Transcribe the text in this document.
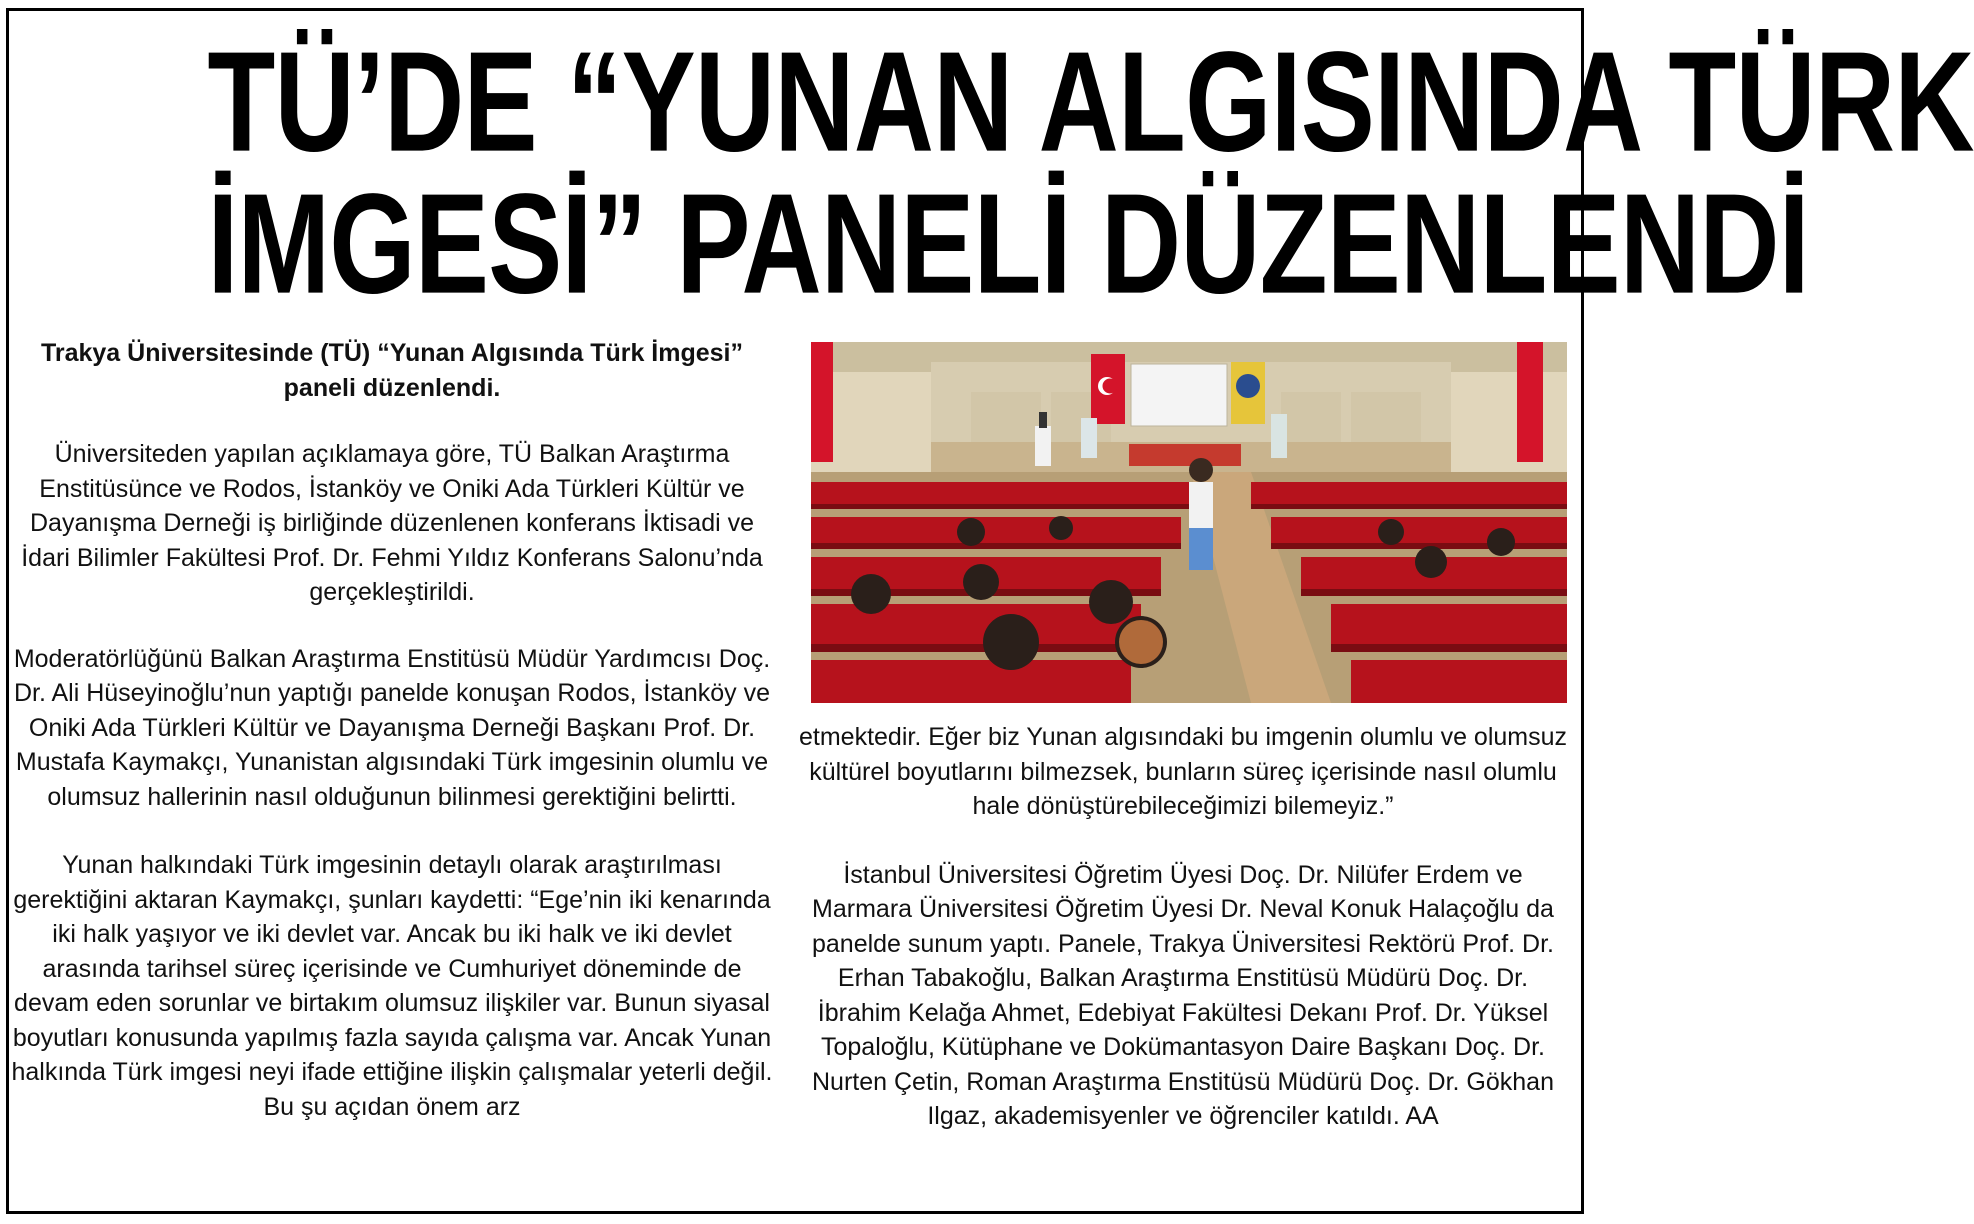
TÜ’DE “YUNAN ALGISINDA TÜRK
İMGESİ” PANELİ DÜZENLENDİ

Trakya Üniversitesinde (TÜ) “Yunan Algısında Türk İmgesi” paneli düzenlendi.

Üniversiteden yapılan açıklamaya göre, TÜ Balkan Araştırma Enstitüsünce ve Rodos, İstanköy ve Oniki Ada Türkleri Kültür ve Dayanışma Derneği iş birliğinde düzenlenen konferans İktisadi ve İdari Bilimler Fakültesi Prof. Dr. Fehmi Yıldız Konferans Salonu’nda gerçekleştirildi.

Moderatörlüğünü Balkan Araştırma Enstitüsü Müdür Yardımcısı Doç. Dr. Ali Hüseyinoğlu’nun yaptığı panelde konuşan Rodos, İstanköy ve Oniki Ada Türkleri Kültür ve Dayanışma Derneği Başkanı Prof. Dr. Mustafa Kaymakçı, Yunanistan algısındaki Türk imgesinin olumlu ve olumsuz hallerinin nasıl olduğunun bilinmesi gerektiğini belirtti.

Yunan halkındaki Türk imgesinin detaylı olarak araştırılması gerektiğini aktaran Kaymakçı, şunları kaydetti: “Ege’nin iki kenarında iki halk yaşıyor ve iki devlet var. Ancak bu iki halk ve iki devlet arasında tarihsel süreç içerisinde ve Cumhuriyet döneminde de devam eden sorunlar ve birtakım olumsuz ilişkiler var. Bunun siyasal boyutları konusunda yapılmış fazla sayıda çalışma var. Ancak Yunan halkında Türk imgesi neyi ifade ettiğine ilişkin çalışmalar yeterli değil. Bu şu açıdan önem arz

etmektedir. Eğer biz Yunan algısındaki bu imgenin olumlu ve olumsuz kültürel boyutlarını bilmezsek, bunların süreç içerisinde nasıl olumlu hale dönüştürebileceğimizi bilemeyiz.”

İstanbul Üniversitesi Öğretim Üyesi Doç. Dr. Nilüfer Erdem ve Marmara Üniversitesi Öğretim Üyesi Dr. Neval Konuk Halaçoğlu da panelde sunum yaptı. Panele, Trakya Üniversitesi Rektörü Prof. Dr. Erhan Tabakoğlu, Balkan Araştırma Enstitüsü Müdürü Doç. Dr. İbrahim Kelağa Ahmet, Edebiyat Fakültesi Dekanı Prof. Dr. Yüksel Topaloğlu, Kütüphane ve Dokümantasyon Daire Başkanı Doç. Dr. Nurten Çetin, Roman Araştırma Enstitüsü Müdürü Doç. Dr. Gökhan Ilgaz, akademisyenler ve öğrenciler katıldı. AA
